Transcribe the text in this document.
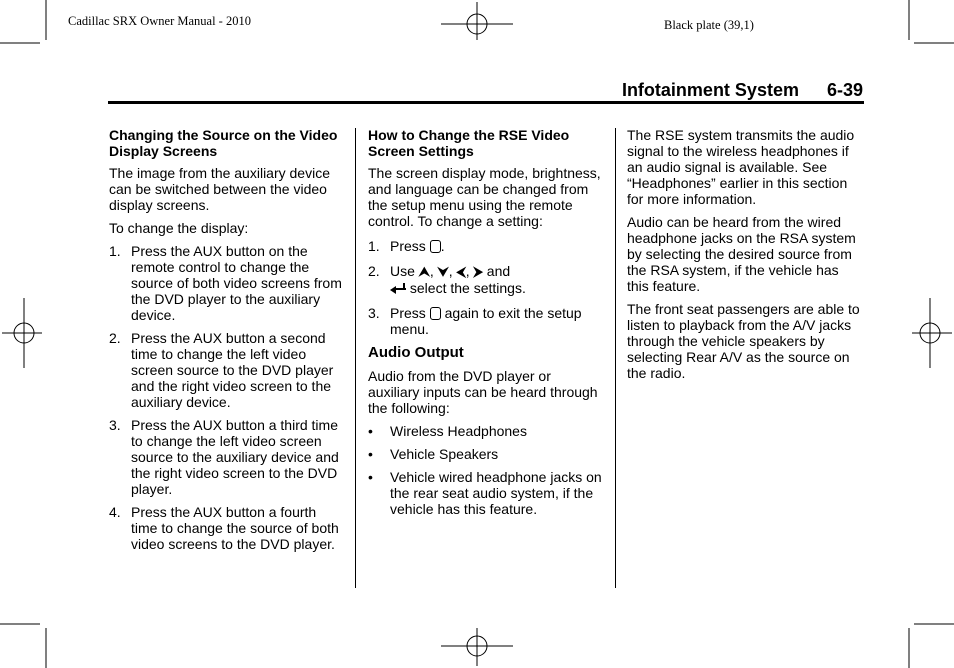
Cadillac SRX Owner Manual - 2010	Black plate (39,1)
Infotainment System 6-39
Changing the Source on the Video Display Screens

The image from the auxiliary device can be switched between the video display screens.

To change the display:

1. Press the AUX button on the remote control to change the source of both video screens from the DVD player to the auxiliary device.
2. Press the AUX button a second time to change the left video screen source to the DVD player and the right video screen to the auxiliary device.
3. Press the AUX button a third time to change the left video screen source to the auxiliary device and the right video screen to the DVD player.
4. Press the AUX button a fourth time to change the source of both video screens to the DVD player.
How to Change the RSE Video Screen Settings

The screen display mode, brightness, and language can be changed from the setup menu using the remote control. To change a setting:

1. Press .
2. Use ⮝, ⮟, ⮜, ⮞ and

select the settings.
3. Press  again to exit the setup menu.
Audio Output

Audio from the DVD player or auxiliary inputs can be heard through the following:

• Wireless Headphones
• Vehicle Speakers
• Vehicle wired headphone jacks on the rear seat audio system, if the vehicle has this feature.

The RSE system transmits the audio signal to the wireless headphones if an audio signal is available. See “Headphones” earlier in this section for more information.

Audio can be heard from the wired headphone jacks on the RSA system by selecting the desired source from the RSA system, if the vehicle has this feature.

The front seat passengers are able to listen to playback from the A/V jacks through the vehicle speakers by selecting Rear A/V as the source on the radio.
